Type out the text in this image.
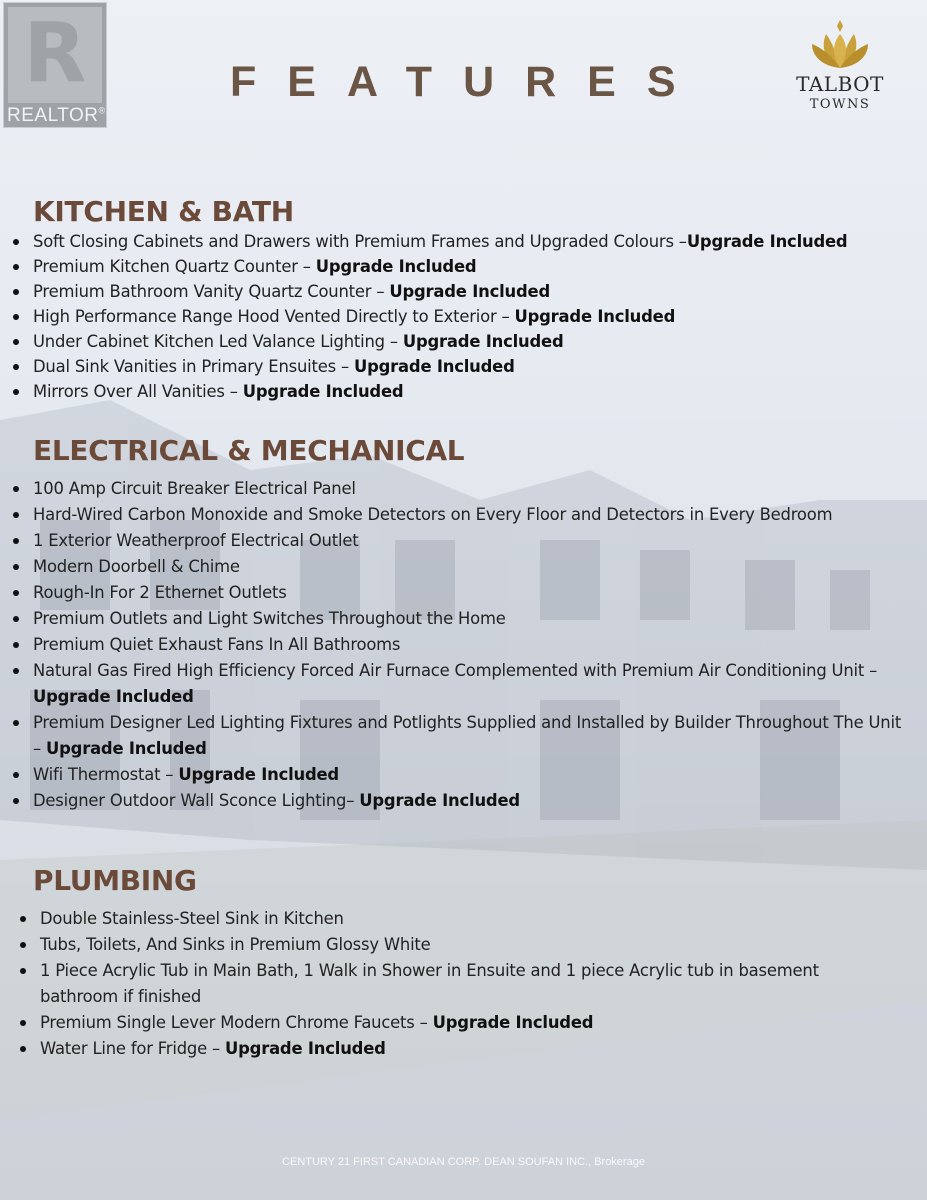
R
REALTOR®
FEATURES	TALBOT
TOWNS
KITCHEN & BATH
Soft Closing Cabinets and Drawers with Premium Frames and Upgraded Colours –Upgrade Included
Premium Kitchen Quartz Counter – Upgrade Included
Premium Bathroom Vanity Quartz Counter – Upgrade Included
High Performance Range Hood Vented Directly to Exterior – Upgrade Included
Under Cabinet Kitchen Led Valance Lighting – Upgrade Included
Dual Sink Vanities in Primary Ensuites – Upgrade Included
Mirrors Over All Vanities – Upgrade Included
ELECTRICAL & MECHANICAL
100 Amp Circuit Breaker Electrical Panel
Hard-Wired Carbon Monoxide and Smoke Detectors on Every Floor and Detectors in Every Bedroom
1 Exterior Weatherproof Electrical Outlet
Modern Doorbell & Chime
Rough-In For 2 Ethernet Outlets
Premium Outlets and Light Switches Throughout the Home
Premium Quiet Exhaust Fans In All Bathrooms
Natural Gas Fired High Efficiency Forced Air Furnace Complemented with Premium Air Conditioning Unit – Upgrade Included
Premium Designer Led Lighting Fixtures and Potlights Supplied and Installed by Builder Throughout The Unit – Upgrade Included
Wifi Thermostat – Upgrade Included
Designer Outdoor Wall Sconce Lighting– Upgrade Included
PLUMBING
Double Stainless-Steel Sink in Kitchen
Tubs, Toilets, And Sinks in Premium Glossy White
1 Piece Acrylic Tub in Main Bath, 1 Walk in Shower in Ensuite and 1 piece Acrylic tub in basement bathroom if finished
Premium Single Lever Modern Chrome Faucets – Upgrade Included
Water Line for Fridge – Upgrade Included
CENTURY 21 FIRST CANADIAN CORP. DEAN SOUFAN INC., Brokerage
